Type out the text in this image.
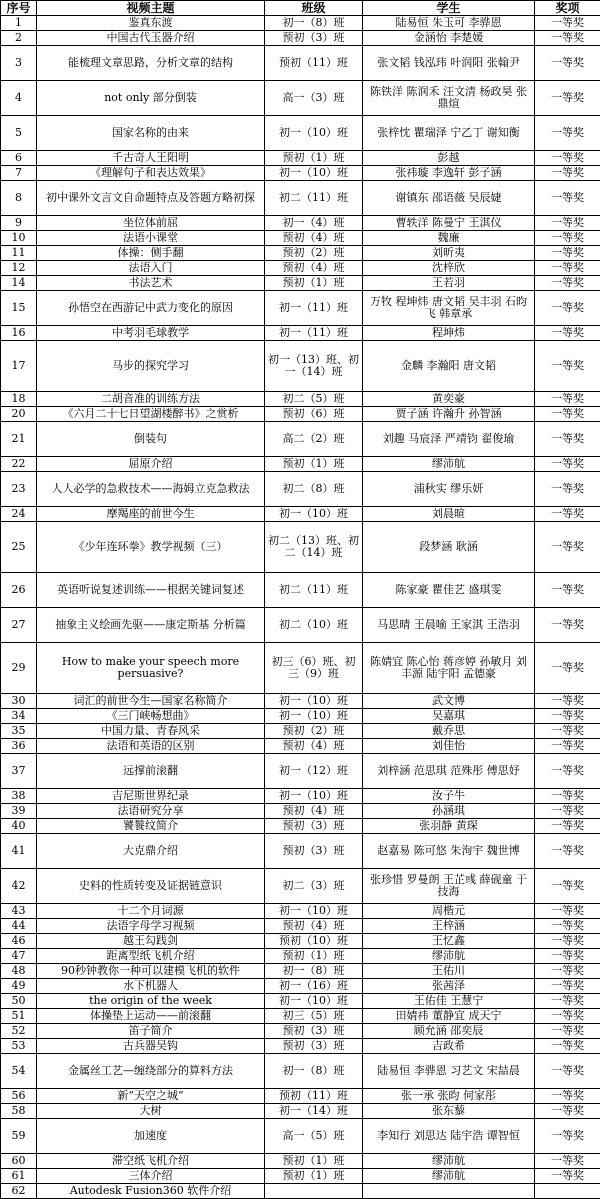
序号	视频主题	班级	学生	奖项
1	鉴真东渡	初一（8）班	陆易恒 朱玉可 李骅恩	一等奖
2	中国古代玉器介绍	预初（3）班	金涵怡 李楚媛	一等奖
3	能梳理文章思路，分析文章的结构	预初（11）班	张文韬 钱泓玮 叶润阳 张翰尹	一等奖
4	not only 部分倒装	高一（3）班	陈铁洋 陈润禾 汪文清 杨政昊 张鼎煊	一等奖
5	国家名称的由来	初一（10）班	张梓忱 瞿瑞泽 宁乙丁 谢知衡	一等奖
6	千古奇人王阳明	预初（1）班	彭越	一等奖
7	《理解句子和表达效果》	初一（10）班	张祎璇 李逸轩 彭子涵	一等奖
8	初中课外文言文自命题特点及答题方略初探	初二（11）班	谢镇东 邵语薇 吴辰婕	一等奖
9	坐位体前屈	初一（4）班	曹轶洋 陈曼宁 王淇仪	一等奖
10	法语小课堂	预初（4）班	魏廉	一等奖
11	体操：侧手翻	预初（2）班	刘昕夷	一等奖
12	法语入门	预初（4）班	沈梓欣	一等奖
14	书法艺术	预初（1）班	王若羽	一等奖
15	孙悟空在西游记中武力变化的原因	初一（11）班	万牧 程坤炜 唐文韬 吴丰羽 石昀飞 韩章承	一等奖
16	中考羽毛球教学	初一（11）班	程坤炜	一等奖
17	马步的探究学习	初一（13）班、初一（14）班	金麟 李瀚阳 唐文韬	一等奖
18	二胡音准的训练方法	初二（5）班	黄奕豪	一等奖
20	《六月二十七日望湖楼醉书》之赏析	预初（6）班	贾子涵 许瀚升 孙智涵	一等奖
21	倒装句	高二（2）班	刘趣 马宸泽 严靖钧 翟俊瑜	一等奖
22	屈原介绍	预初（1）班	缪沛航	一等奖
23	人人必学的急救技术——海姆立克急救法	初二（8）班	浦秋实 缪乐妍	一等奖
24	摩羯座的前世今生	初一（10）班	刘晨暄	一等奖
25	《少年连环拳》教学视频（三）	初二（13）班、初二（14）班	段梦涵 耿涵	一等奖
26	英语听说复述训练——根据关键词复述	初二（11）班	陈家豪 瞿佳艺 盛琪雯	一等奖
27	抽象主义绘画先驱——康定斯基 分析篇	初二（10）班	马思晴 王晨喻 王家淇 王浩羽	一等奖
29	How to make your speech more persuasive?	初三（6）班、初三（9）班	陈婧宜 陈心怡 蒋彦婷 孙敏月 刘丰源 陆宇阳 孟德豪	一等奖
30	词汇的前世今生—国家名称简介	初一（10）班	武文博	一等奖
34	《三门峡畅想曲》	初一（10）班	吴嘉琪	一等奖
35	中国力量、青春风采	预初（2）班	戴乔思	一等奖
36	法语和英语的区别	预初（4）班	刘佳怡	一等奖
37	远撑前滚翻	初一（12）班	刘梓涵 范思琪 范殊彤 傅思妤	一等奖
38	吉尼斯世界纪录	初一（10）班	汝子牛	一等奖
39	法语研究分享	预初（4）班	孙涵琪	一等奖
40	饕餮纹简介	预初（3）班	张羽静 黄琛	一等奖
41	大克鼎介绍	预初（3）班	赵嘉易 陈可悠 朱洵宇 魏世博	一等奖
42	史料的性质转变及证据链意识	初二（3）班	张珍惜 罗曼朗 王芷彧 薛砚童 于技海	一等奖
43	十二个月词源	初一（10）班	周楷元	一等奖
44	法语字母学习视频	预初（4）班	王梓涵	一等奖
46	越王勾践剑	预初（10）班	王忆鑫	一等奖
47	距离型纸飞机介绍	预初（1）班	缪沛航	一等奖
48	90秒钟教你一种可以建模飞机的软件	初一（8）班	王佑川	一等奖
49	水下机器人	初一（16）班	张茜泽	一等奖
50	the origin of the week	初一（10）班	王佑佳 王慧宁	一等奖
51	体操垫上运动——前滚翻	初三（5）班	田婧祎 董静宜 成天宁	一等奖
52	笛子简介	预初（3）班	顾允涵 邵奕辰	一等奖
53	古兵器吴钩	预初（3）班	吉政希	一等奖
54	金属丝工艺—缠绕部分的算料方法	初一（8）班	陆易恒 李骅恩 习艺文 宋喆晨	一等奖
56	新“天空之城”	预初（11）班	张一承 张昀 何家彤	一等奖
58	大树	初一（14）班	张东藜	一等奖
59	加速度	高一（5）班	李知行 刘思达 陆宇浩 谭智恒	一等奖
60	滞空纸飞机介绍	预初（1）班	缪沛航	一等奖
61	三体介绍	预初（1）班	缪沛航	一等奖
62	Autodesk Fusion360 软件介绍			
